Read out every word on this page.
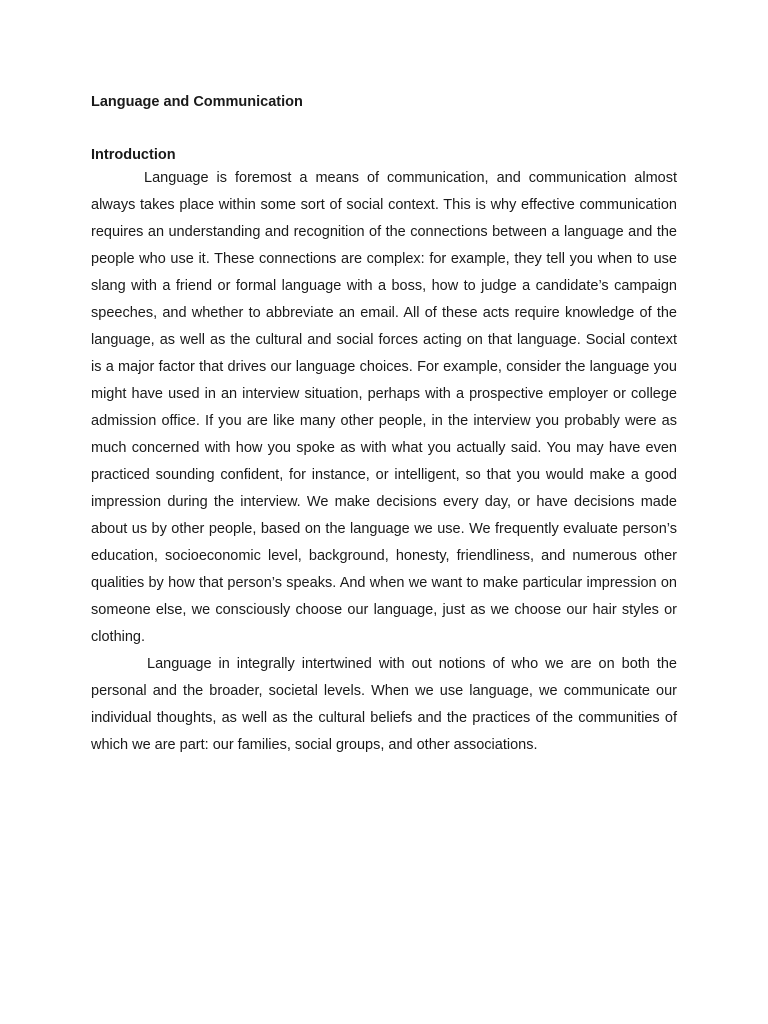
Language and Communication
Introduction

Language is foremost a means of communication, and communication almost always takes place within some sort of social context. This is why effective communication requires an understanding and recognition of the connections between a language and the people who use it. These connections are complex: for example, they tell you when to use slang with a friend or formal language with a boss, how to judge a candidate’s campaign speeches, and whether to abbreviate an email. All of these acts require knowledge of the language, as well as the cultural and social forces acting on that language. Social context is a major factor that drives our language choices. For example, consider the language you might have used in an interview situation, perhaps with a prospective employer or college admission office. If you are like many other people, in the interview you probably were as much concerned with how you spoke as with what you actually said. You may have even practiced sounding confident, for instance, or intelligent, so that you would make a good impression during the interview. We make decisions every day, or have decisions made about us by other people, based on the language we use. We frequently evaluate person’s education, socioeconomic level, background, honesty, friendliness, and numerous other qualities by how that person’s speaks. And when we want to make particular impression on someone else, we consciously choose our language, just as we choose our hair styles or clothing.

Language in integrally intertwined with out notions of who we are on both the personal and the broader, societal levels. When we use language, we communicate our individual thoughts, as well as the cultural beliefs and the practices of the communities of which we are part: our families, social groups, and other associations.
